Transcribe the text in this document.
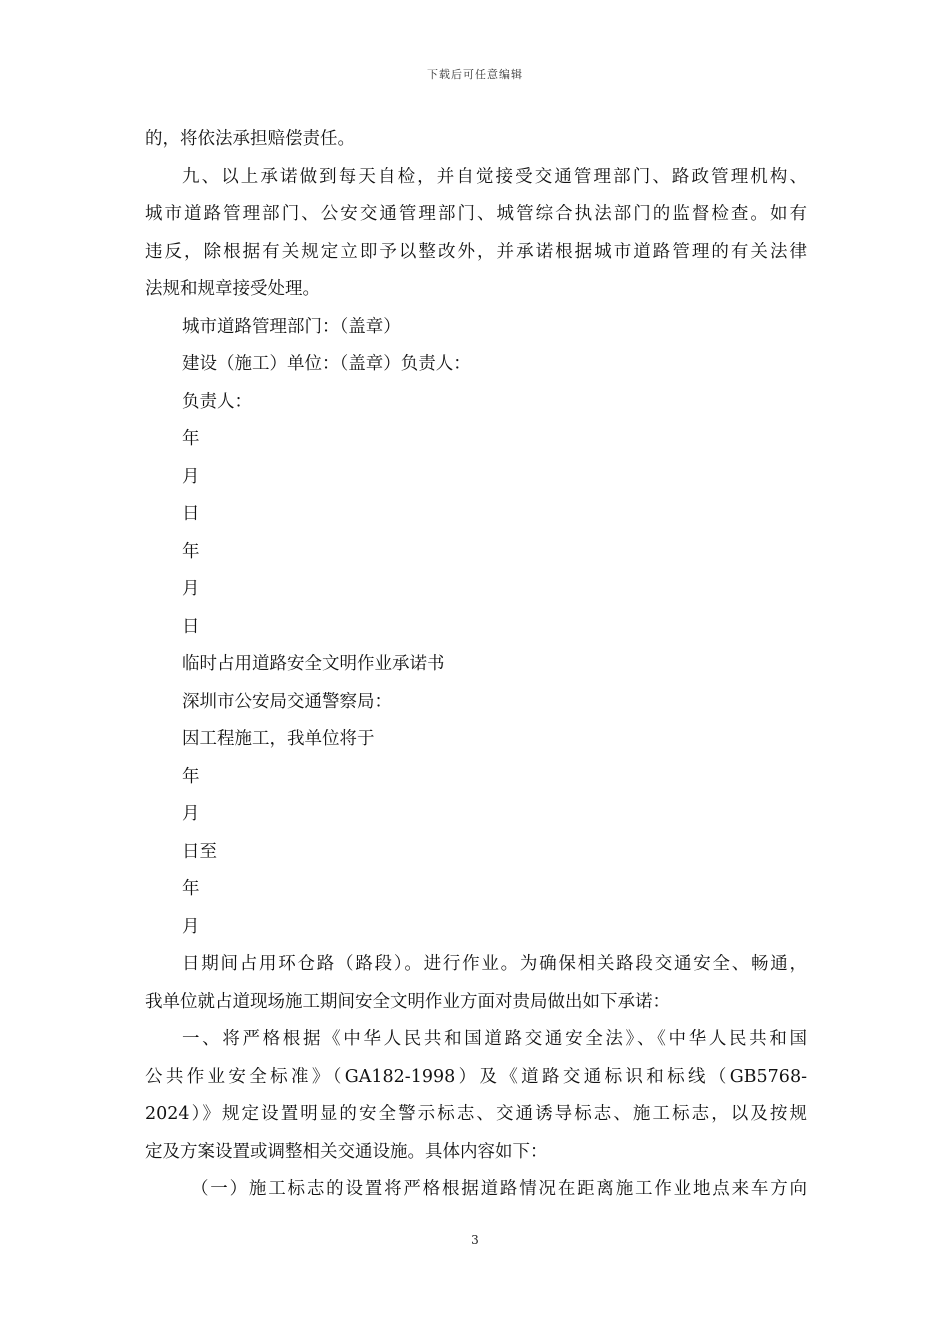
下载后可任意编辑
的，将依法承担赔偿责任。
九、以上承诺做到每天自检，并自觉接受交通管理部门、路政管理机构、
城市道路管理部门、公安交通管理部门、城管综合执法部门的监督检查。如有
违反，除根据有关规定立即予以整改外，并承诺根据城市道路管理的有关法律
法规和规章接受处理。
城市道路管理部门：（盖章）
建设（施工）单位：（盖章）负责人：
负责人：
年
月
日
年
月
日
临时占用道路安全文明作业承诺书
深圳市公安局交通警察局：
因工程施工，我单位将于
年
月
日至
年
月
日期间占用环仓路（路段）。进行作业。为确保相关路段交通安全、畅通，
我单位就占道现场施工期间安全文明作业方面对贵局做出如下承诺：
一、将严格根据《中华人民共和国道路交通安全法》、《中华人民共和国
公共作业安全标准》（GA182-1998）及《道路交通标识和标线（GB5768-
2024）》规定设置明显的安全警示标志、交通诱导标志、施工标志，以及按规
定及方案设置或调整相关交通设施。具体内容如下：
（一）施工标志的设置将严格根据道路情况在距离施工作业地点来车方向
3
